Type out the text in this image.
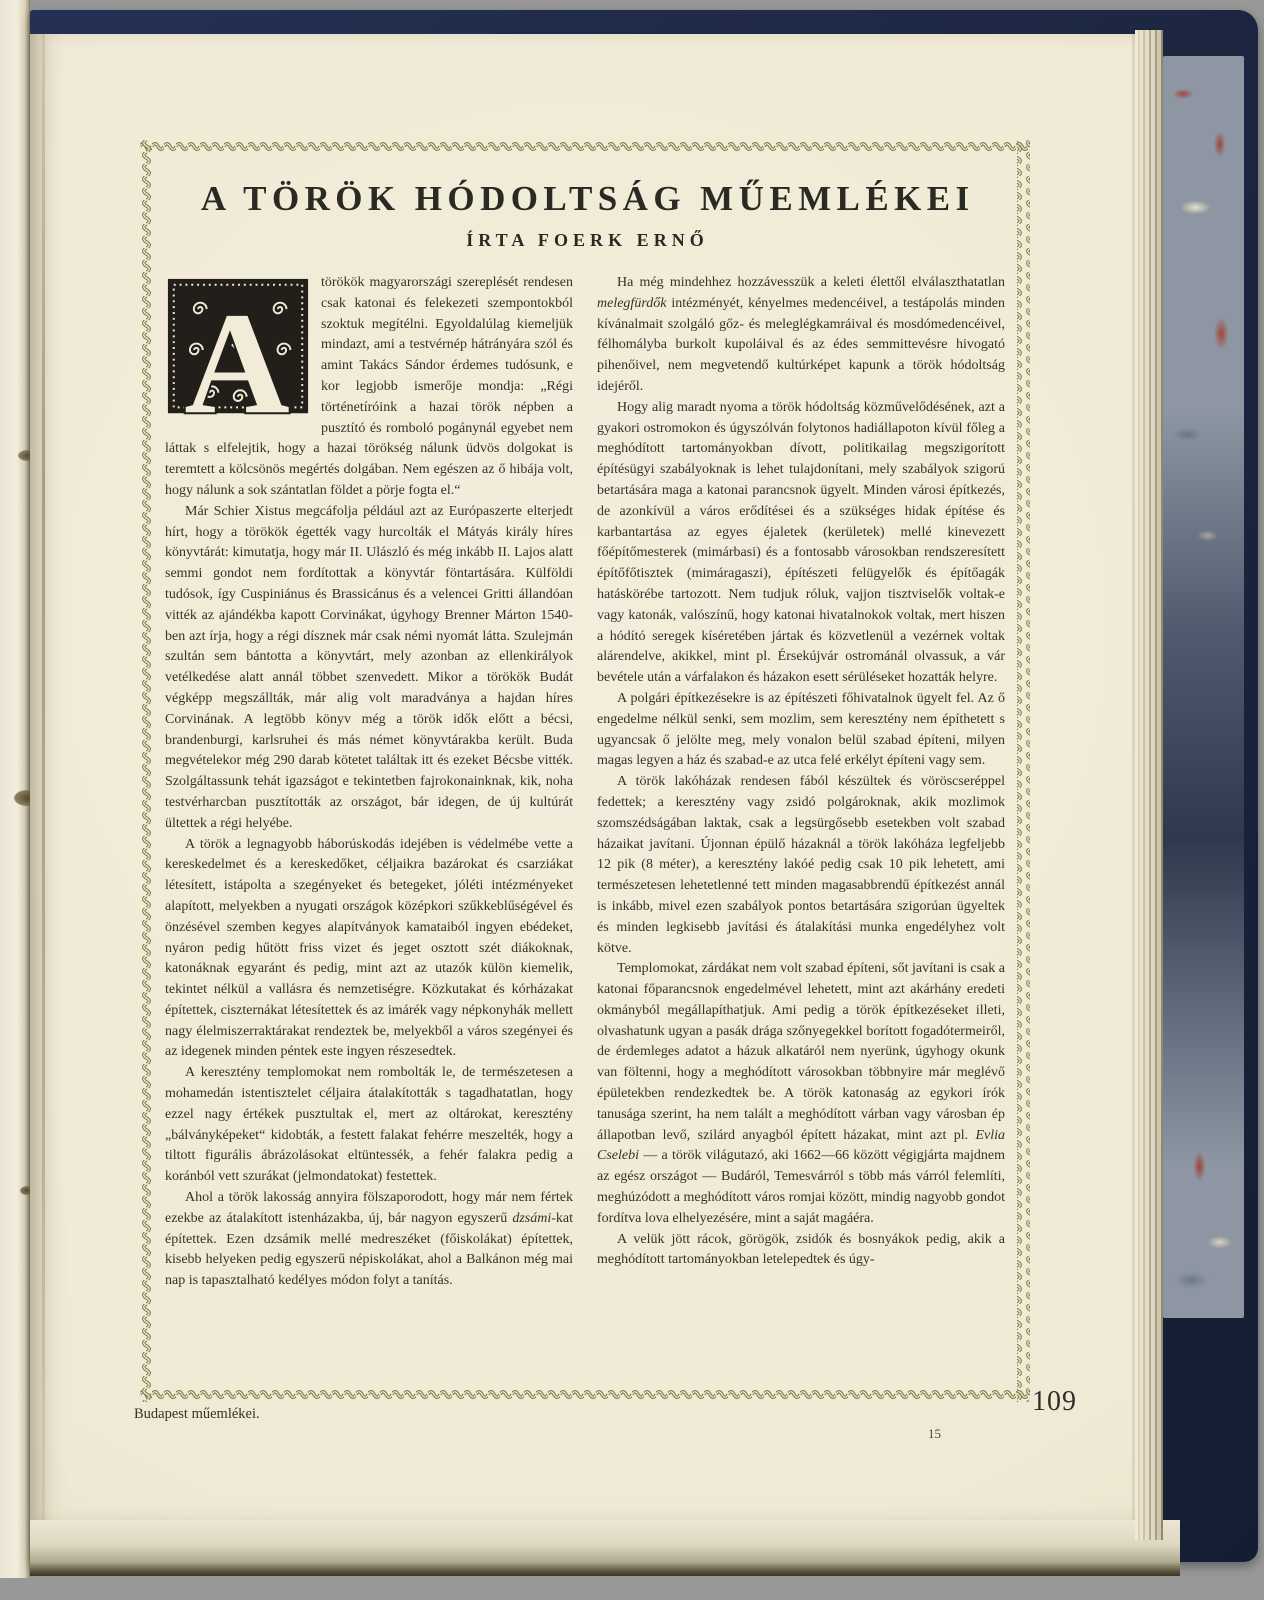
A TÖRÖK HÓDOLTSÁG MŰEMLÉKEI
ÍRTA FOERK ERNŐ

A törökök magyarországi szereplését rendesen csak katonai és felekezeti szempontokból szoktuk megítélni. Egyoldalúlag kiemeljük mindazt, ami a testvérnép hátrányára szól és amint Takács Sándor érdemes tudósunk, e kor legjobb ismerője mondja: „Régi történetíróink a hazai török népben a pusztító és romboló pogánynál egyebet nem láttak s elfelejtik, hogy a hazai törökség nálunk üdvös dolgokat is teremtett a kölcsönös megértés dolgában. Nem egészen az ő hibája volt, hogy nálunk a sok szántatlan földet a pörje fogta el.“

Már Schier Xistus megcáfolja például azt az Európaszerte elterjedt hírt, hogy a törökök égették vagy hurcolták el Mátyás király híres könyvtárát: kimutatja, hogy már II. Ulászló és még inkább II. Lajos alatt semmi gondot nem fordítottak a könyvtár föntartására. Külföldi tudósok, így Cuspiniánus és Brassicánus és a velencei Gritti állandóan vitték az ajándékba kapott Corvinákat, úgyhogy Brenner Márton 1540-ben azt írja, hogy a régi dísznek már csak némi nyomát látta. Szulejmán szultán sem bántotta a könyvtárt, mely azonban az ellenkirályok vetélkedése alatt annál többet szenvedett. Mikor a törökök Budát végképp megszállták, már alig volt maradványa a hajdan híres Corvinának. A legtöbb könyv még a török idők előtt a bécsi, brandenburgi, karlsruhei és más német könyvtárakba került. Buda megvételekor még 290 darab kötetet találtak itt és ezeket Bécsbe vitték. Szolgáltassunk tehát igazságot e tekintetben fajrokonainknak, kik, noha testvérharcban pusztították az országot, bár idegen, de új kultúrát ültettek a régi helyébe.

A török a legnagyobb háborúskodás idejében is védelmébe vette a kereskedelmet és a kereskedőket, céljaikra bazárokat és csarziákat létesített, istápolta a szegényeket és betegeket, jóléti intézményeket alapított, melyekben a nyugati országok középkori szűkkeblűségével és önzésével szemben kegyes alapítványok kamataiból ingyen ebédeket, nyáron pedig hűtött friss vizet és jeget osztott szét diákoknak, katonáknak egyaránt és pedig, mint azt az utazók külön kiemelik, tekintet nélkül a vallásra és nemzetiségre. Közkutakat és kórházakat építettek, ciszternákat létesítettek és az imárék vagy népkonyhák mellett nagy élelmiszerraktárakat rendeztek be, melyekből a város szegényei és az idegenek minden péntek este ingyen részesedtek.

A keresztény templomokat nem rombolták le, de természetesen a mohamedán istentisztelet céljaira átalakították s tagadhatatlan, hogy ezzel nagy értékek pusztultak el, mert az oltárokat, keresztény „bálványképeket“ kidobták, a festett falakat fehérre meszelték, hogy a tiltott figurális ábrázolásokat eltüntessék, a fehér falakra pedig a koránból vett szurákat (jelmondatokat) festettek.

Ahol a török lakosság annyira fölszaporodott, hogy már nem fértek ezekbe az átalakított istenházakba, új, bár nagyon egyszerű dzsámi-kat építettek. Ezen dzsámik mellé medreszéket (főiskolákat) építettek, kisebb helyeken pedig egyszerű népiskolákat, ahol a Balkánon még mai nap is tapasztalható kedélyes módon folyt a tanítás.

Ha még mindehhez hozzávesszük a keleti élettől elválaszthatatlan melegfürdők intézményét, kényelmes medencéivel, a testápolás minden kívánalmait szolgáló gőz- és meleglégkamráival és mosdómedencéivel, félhomályba burkolt kupoláival és az édes semmittevésre hivogató pihenőivel, nem megvetendő kultúrképet kapunk a török hódoltság idejéről.

Hogy alig maradt nyoma a török hódoltság közművelődésének, azt a gyakori ostromokon és úgyszólván folytonos hadiállapoton kívül főleg a meghódított tartományokban dívott, politikailag megszigorított építésügyi szabályoknak is lehet tulajdonítani, mely szabályok szigorú betartására maga a katonai parancsnok ügyelt. Minden városi építkezés, de azonkívül a város erődítései és a szükséges hidak építése és karbantartása az egyes éjaletek (kerületek) mellé kinevezett főépítőmesterek (mimárbasi) és a fontosabb városokban rendszeresített építőfőtisztek (mimáragaszi), építészeti felügyelők és építőagák hatáskörébe tartozott. Nem tudjuk róluk, vajjon tisztviselők voltak-e vagy katonák, valószínű, hogy katonai hivatalnokok voltak, mert hiszen a hódító seregek kíséretében jártak és közvetlenül a vezérnek voltak alárendelve, akikkel, mint pl. Érsekújvár ostrománál olvassuk, a vár bevétele után a várfalakon és házakon esett sérüléseket hozatták helyre.

A polgári építkezésekre is az építészeti főhivatalnok ügyelt fel. Az ő engedelme nélkül senki, sem mozlim, sem keresztény nem építhetett s ugyancsak ő jelölte meg, mely vonalon belül szabad építeni, milyen magas legyen a ház és szabad-e az utca felé erkélyt építeni vagy sem.

A török lakóházak rendesen fából készültek és vöröscseréppel fedettek; a keresztény vagy zsidó polgároknak, akik mozlimok szomszédságában laktak, csak a legsürgősebb esetekben volt szabad házaikat javítani. Újonnan épülő házaknál a török lakóháza legfeljebb 12 pik (8 méter), a keresztény lakóé pedig csak 10 pik lehetett, ami természetesen lehetetlenné tett minden magasabbrendű építkezést annál is inkább, mivel ezen szabályok pontos betartására szigorúan ügyeltek és minden legkisebb javítási és átalakítási munka engedélyhez volt kötve.

Templomokat, zárdákat nem volt szabad építeni, sőt javítani is csak a katonai főparancsnok engedelmével lehetett, mint azt akárhány eredeti okmányból megállapíthatjuk. Ami pedig a török építkezéseket illeti, olvashatunk ugyan a pasák drága szőnyegekkel borított fogadótermeiről, de érdemleges adatot a házuk alkatáról nem nyerünk, úgyhogy okunk van föltenni, hogy a meghódított városokban többnyire már meglévő épületekben rendezkedtek be. A török katonaság az egykori írók tanusága szerint, ha nem talált a meghódított várban vagy városban ép állapotban levő, szilárd anyagból épített házakat, mint azt pl. Evlia Cselebi — a török világutazó, aki 1662—66 között végigjárta majdnem az egész országot — Budáról, Temesvárról s több más várról felemlíti, meghúzódott a meghódított város romjai között, mindig nagyobb gondot fordítva lova elhelyezésére, mint a saját magáéra.

A velük jött rácok, görögök, zsidók és bosnyákok pedig, akik a meghódított tartományokban letelepedtek és úgy-

Budapest műemlékei.	109
15
